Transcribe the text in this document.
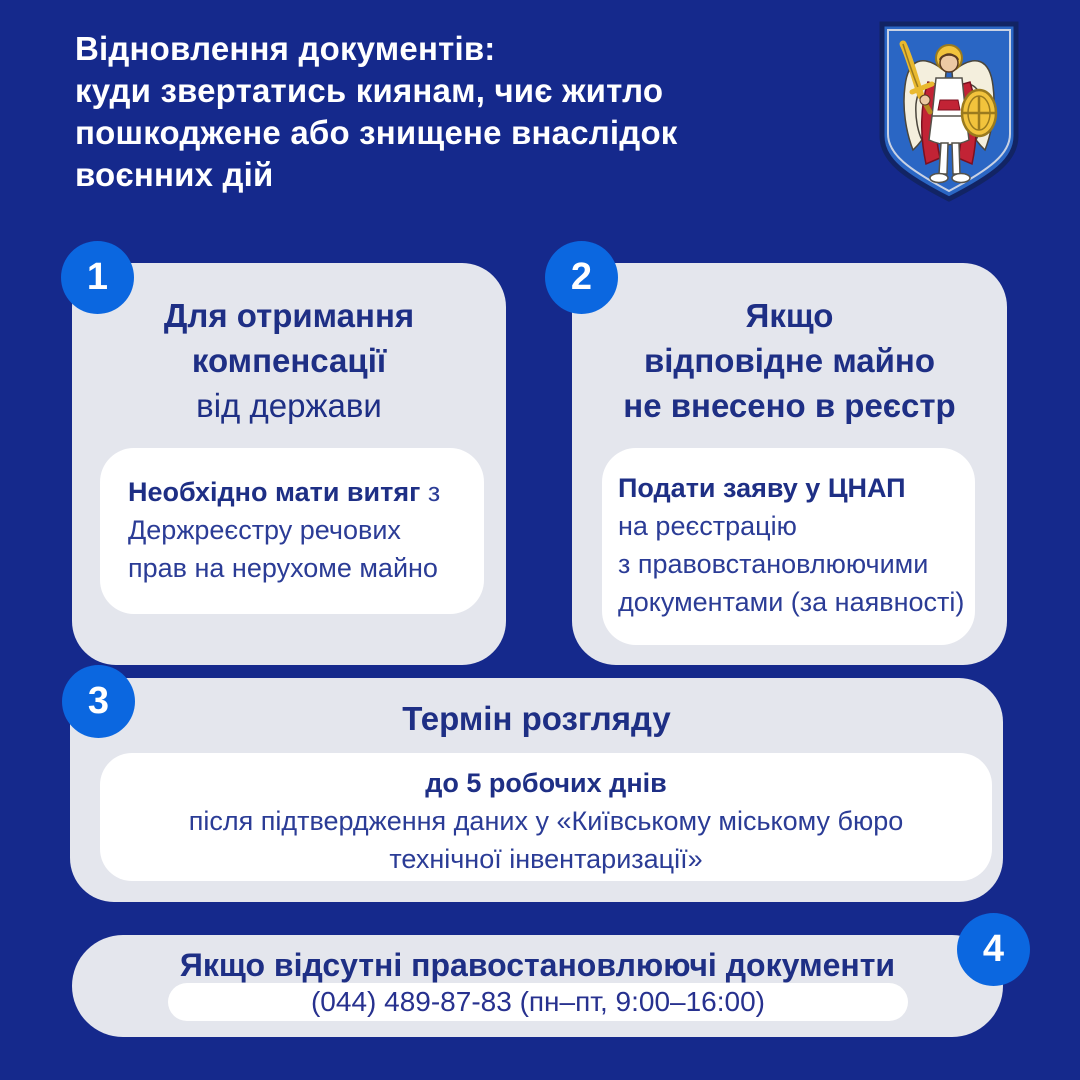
Відновлення документів:
куди звертатись киянам, чиє житло
пошкоджене або знищене внаслідок
воєнних дій
1
Для отримання
компенсації
від держави
Необхідно мати витяг з
Держреєстру речових
прав на нерухоме майно
2
Якщо
відповідне майно
не внесено в реєстр
Подати заяву у ЦНАП
на реєстрацію
з правовстановлюючими
документами (за наявності)
3	Термін розгляду
до 5 робочих днів
після підтвердження даних у «Київському міському бюро
технічної інвентаризації»
4
Якщо відсутні правостановлюючі документи
(044) 489-87-83 (пн–пт, 9:00–16:00)
